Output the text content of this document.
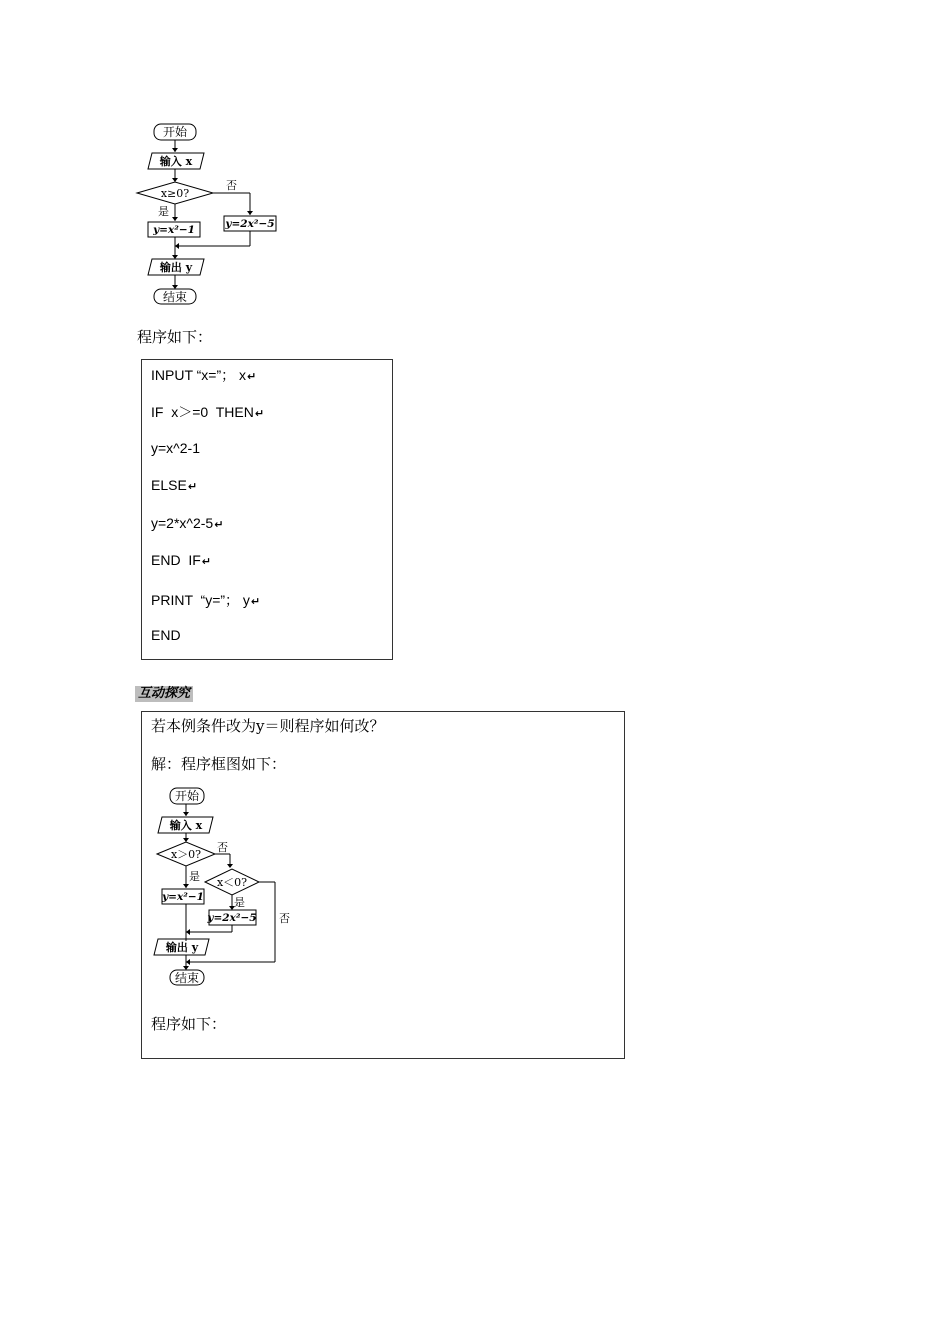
开始
输入 x
x≥0?
否
是
y=x²−1	y=2x²−5
输出 y
结束
程序如下：
INPUT “x=”； x↵
IF  x＞=0  THEN↵
y=x^2-1
ELSE↵
y=2*x^2-5↵
END  IF↵
PRINT  “y=”； y↵
END
互动探究
若本例条件改为y＝则程序如何改？
解：程序框图如下：
开始
输入 x
x＞0?
否
是 x＜0?
是
否
y=x²−1
y=2x²−5
输出 y
结束
程序如下：
